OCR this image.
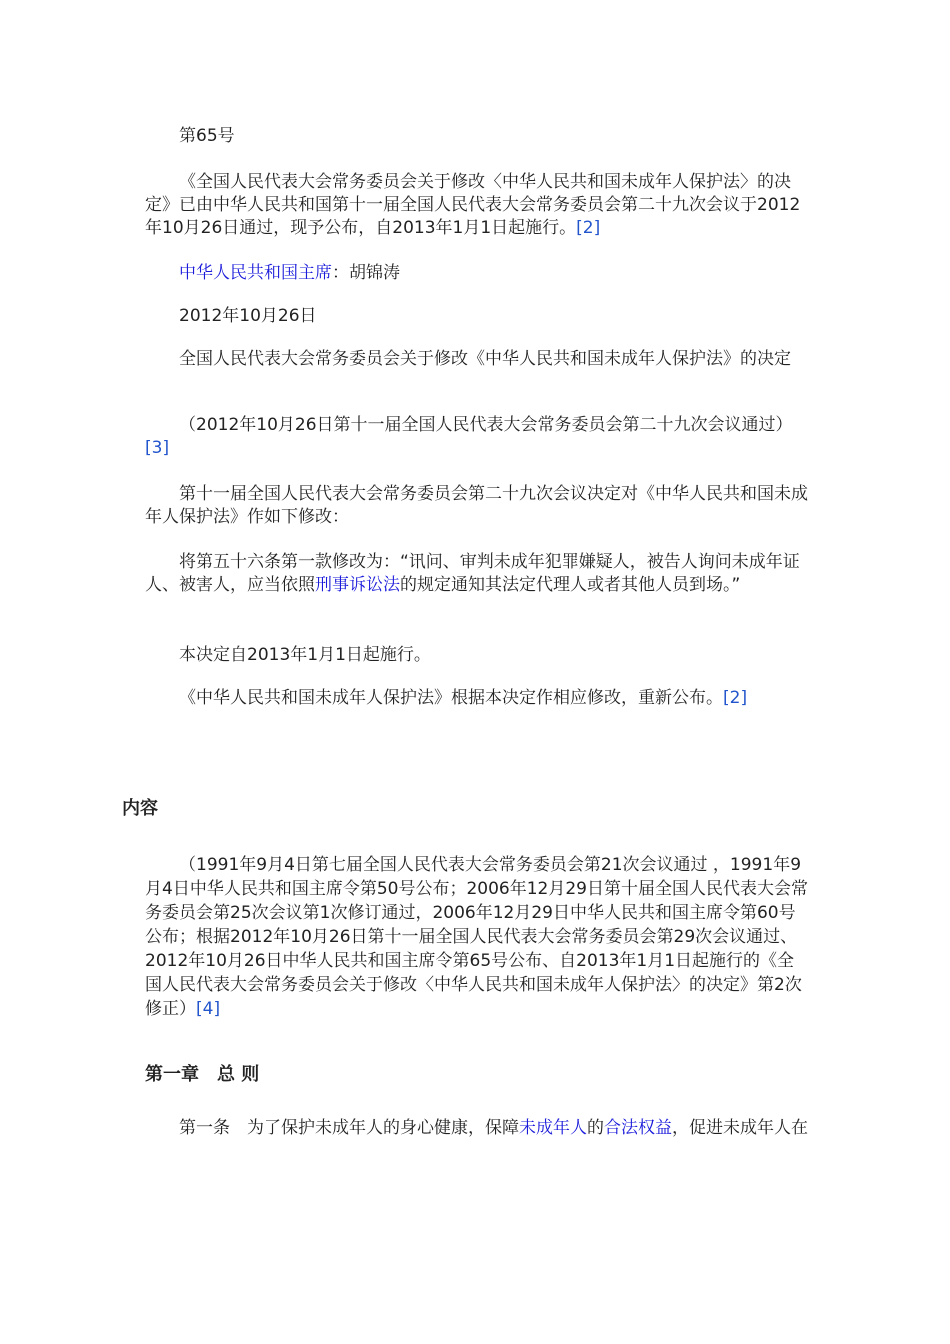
第65号

《全国人民代表大会常务委员会关于修改〈中华人民共和国未成年人保护法〉的决定》已由中华人民共和国第十一届全国人民代表大会常务委员会第二十九次会议于2012年10月26日通过，现予公布，自2013年1月1日起施行。[2]

中华人民共和国主席：胡锦涛

2012年10月26日

全国人民代表大会常务委员会关于修改《中华人民共和国未成年人保护法》的决定

（2012年10月26日第十一届全国人民代表大会常务委员会第二十九次会议通过）[3]

第十一届全国人民代表大会常务委员会第二十九次会议决定对《中华人民共和国未成年人保护法》作如下修改：

将第五十六条第一款修改为：“讯问、审判未成年犯罪嫌疑人，被告人询问未成年证人、被害人，应当依照刑事诉讼法的规定通知其法定代理人或者其他人员到场。”

本决定自2013年1月1日起施行。

《中华人民共和国未成年人保护法》根据本决定作相应修改，重新公布。[2]

内容

（1991年9月4日第七届全国人民代表大会常务委员会第21次会议通过 ，1991年9月4日中华人民共和国主席令第50号公布；2006年12月29日第十届全国人民代表大会常务委员会第25次会议第1次修订通过，2006年12月29日中华人民共和国主席令第60号公布；根据2012年10月26日第十一届全国人民代表大会常务委员会第29次会议通过、2012年10月26日中华人民共和国主席令第65号公布、自2013年1月1日起施行的《全国人民代表大会常务委员会关于修改〈中华人民共和国未成年人保护法〉的决定》第2次修正）[4]

第一章　总 则

第一条　为了保护未成年人的身心健康，保障未成年人的合法权益，促进未成年人在
